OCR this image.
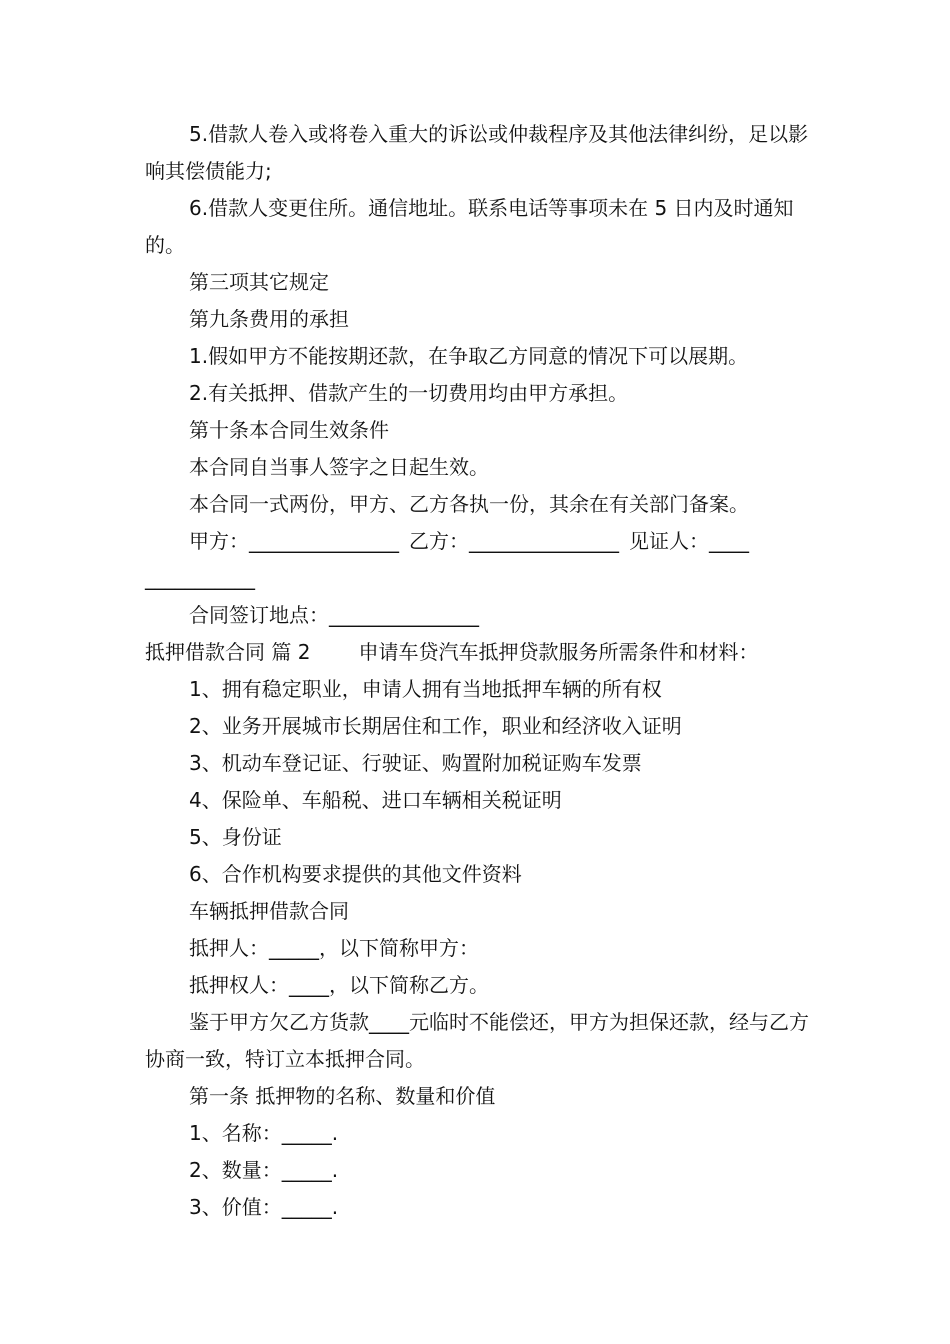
5.借款人卷入或将卷入重大的诉讼或仲裁程序及其他法律纠纷，足以影响其偿债能力;

6.借款人变更住所。通信地址。联系电话等事项未在 5 日内及时通知的。

第三项其它规定

第九条费用的承担

1.假如甲方不能按期还款，在争取乙方同意的情况下可以展期。

2.有关抵押、借款产生的一切费用均由甲方承担。

第十条本合同生效条件

本合同自当事人签字之日起生效。

本合同一式两份，甲方、乙方各执一份，其余在有关部门备案。

甲方：_______________ 乙方：_______________ 见证人：____

___________

合同签订地点：_______________

抵押借款合同 篇 2 申请车贷汽车抵押贷款服务所需条件和材料：

1、拥有稳定职业，申请人拥有当地抵押车辆的所有权

2、业务开展城市长期居住和工作，职业和经济收入证明

3、机动车登记证、行驶证、购置附加税证购车发票

4、保险单、车船税、进口车辆相关税证明

5、身份证

6、合作机构要求提供的其他文件资料

车辆抵押借款合同

抵押人：_____，以下简称甲方：

抵押权人：____，以下简称乙方。

鉴于甲方欠乙方货款____元临时不能偿还，甲方为担保还款，经与乙方协商一致，特订立本抵押合同。

第一条 抵押物的名称、数量和价值

1、名称：_____.

2、数量：_____.

3、价值：_____.
